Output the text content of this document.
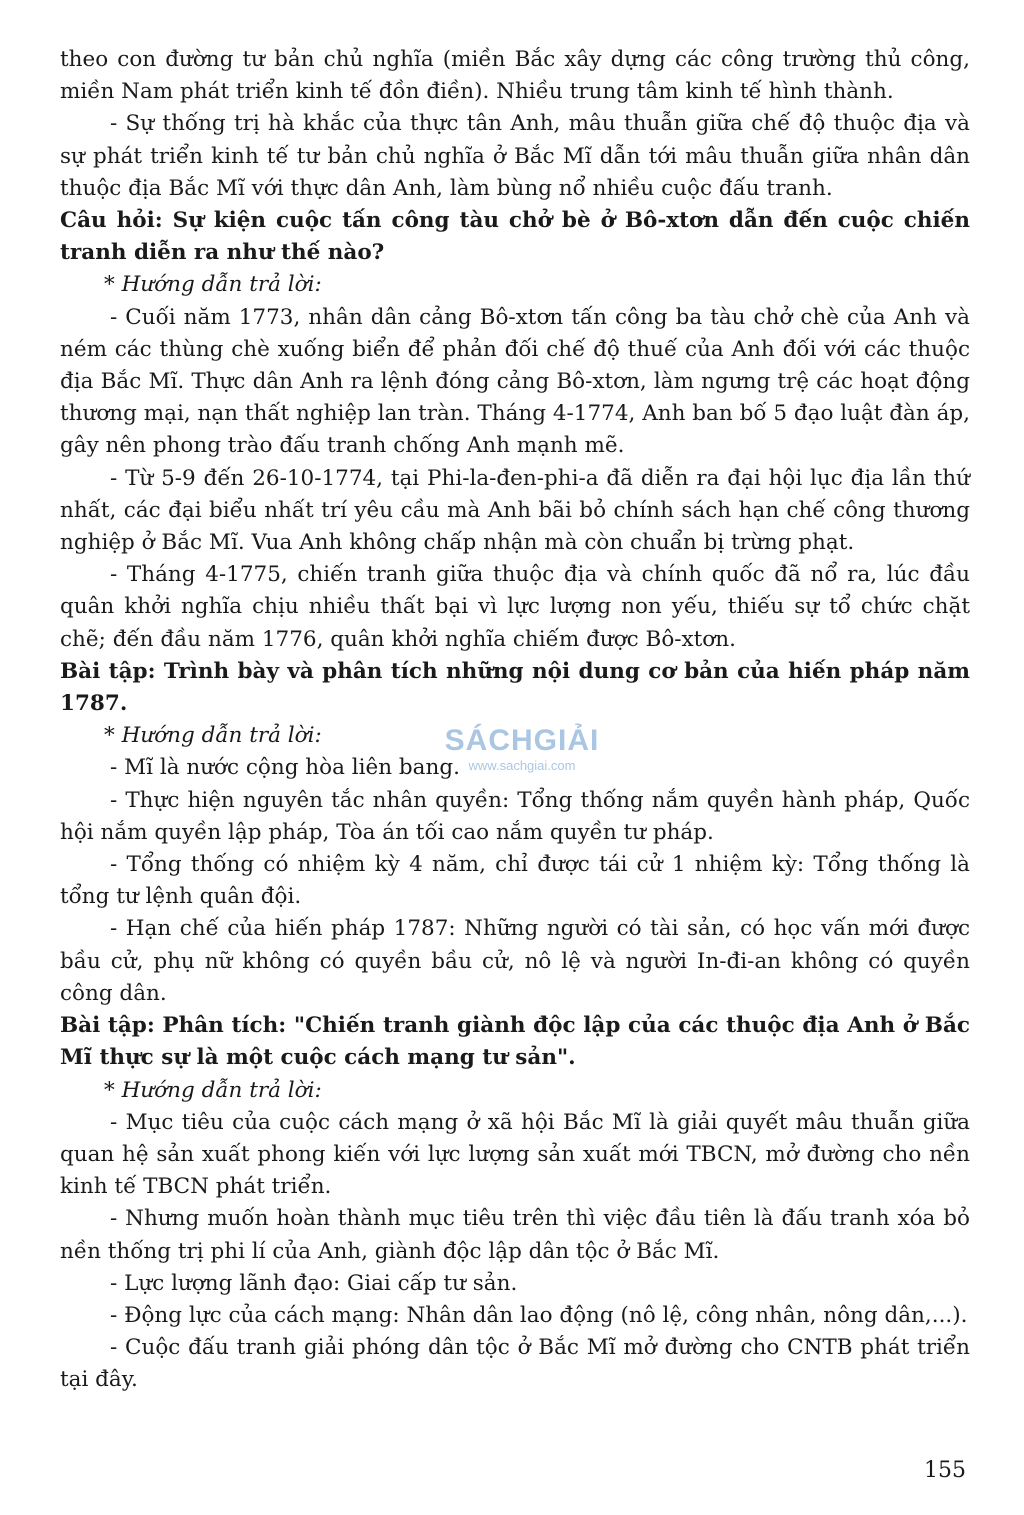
theo con đường tư bản chủ nghĩa (miền Bắc xây dựng các công trường thủ công, miền Nam phát triển kinh tế đồn điền). Nhiều trung tâm kinh tế hình thành.

- Sự thống trị hà khắc của thực tân Anh, mâu thuẫn giữa chế độ thuộc địa và sự phát triển kinh tế tư bản chủ nghĩa ở Bắc Mĩ dẫn tới mâu thuẫn giữa nhân dân thuộc địa Bắc Mĩ với thực dân Anh, làm bùng nổ nhiều cuộc đấu tranh.

Câu hỏi: Sự kiện cuộc tấn công tàu chở bè ở Bô-xtơn dẫn đến cuộc chiến tranh diễn ra như thế nào?

* Hướng dẫn trả lời:

- Cuối năm 1773, nhân dân cảng Bô-xtơn tấn công ba tàu chở chè của Anh và ném các thùng chè xuống biển để phản đối chế độ thuế của Anh đối với các thuộc địa Bắc Mĩ. Thực dân Anh ra lệnh đóng cảng Bô-xtơn, làm ngưng trệ các hoạt động thương mại, nạn thất nghiệp lan tràn. Tháng 4-1774, Anh ban bố 5 đạo luật đàn áp, gây nên phong trào đấu tranh chống Anh mạnh mẽ.

- Từ 5-9 đến 26-10-1774, tại Phi-la-đen-phi-a đã diễn ra đại hội lục địa lần thứ nhất, các đại biểu nhất trí yêu cầu mà Anh bãi bỏ chính sách hạn chế công thương nghiệp ở Bắc Mĩ. Vua Anh không chấp nhận mà còn chuẩn bị trừng phạt.

- Tháng 4-1775, chiến tranh giữa thuộc địa và chính quốc đã nổ ra, lúc đầu quân khởi nghĩa chịu nhiều thất bại vì lực lượng non yếu, thiếu sự tổ chức chặt chẽ; đến đầu năm 1776, quân khởi nghĩa chiếm được Bô-xtơn.

Bài tập: Trình bày và phân tích những nội dung cơ bản của hiến pháp năm 1787.

* Hướng dẫn trả lời:

- Mĩ là nước cộng hòa liên bang.

- Thực hiện nguyên tắc nhân quyền: Tổng thống nắm quyền hành pháp, Quốc hội nắm quyền lập pháp, Tòa án tối cao nắm quyền tư pháp.

- Tổng thống có nhiệm kỳ 4 năm, chỉ được tái cử 1 nhiệm kỳ: Tổng thống là tổng tư lệnh quân đội.

- Hạn chế của hiến pháp 1787: Những người có tài sản, có học vấn mới được bầu cử, phụ nữ không có quyền bầu cử, nô lệ và người In-đi-an không có quyền công dân.

Bài tập: Phân tích: "Chiến tranh giành độc lập của các thuộc địa Anh ở Bắc Mĩ thực sự là một cuộc cách mạng tư sản".

* Hướng dẫn trả lời:

- Mục tiêu của cuộc cách mạng ở xã hội Bắc Mĩ là giải quyết mâu thuẫn giữa quan hệ sản xuất phong kiến với lực lượng sản xuất mới TBCN, mở đường cho nền kinh tế TBCN phát triển.

- Nhưng muốn hoàn thành mục tiêu trên thì việc đầu tiên là đấu tranh xóa bỏ nền thống trị phi lí của Anh, giành độc lập dân tộc ở Bắc Mĩ.

- Lực lượng lãnh đạo: Giai cấp tư sản.

- Động lực của cách mạng: Nhân dân lao động (nô lệ, công nhân, nông dân,...).

- Cuộc đấu tranh giải phóng dân tộc ở Bắc Mĩ mở đường cho CNTB phát triển tại đây.

SÁCHGIẢI
www.sachgiai.com
155
